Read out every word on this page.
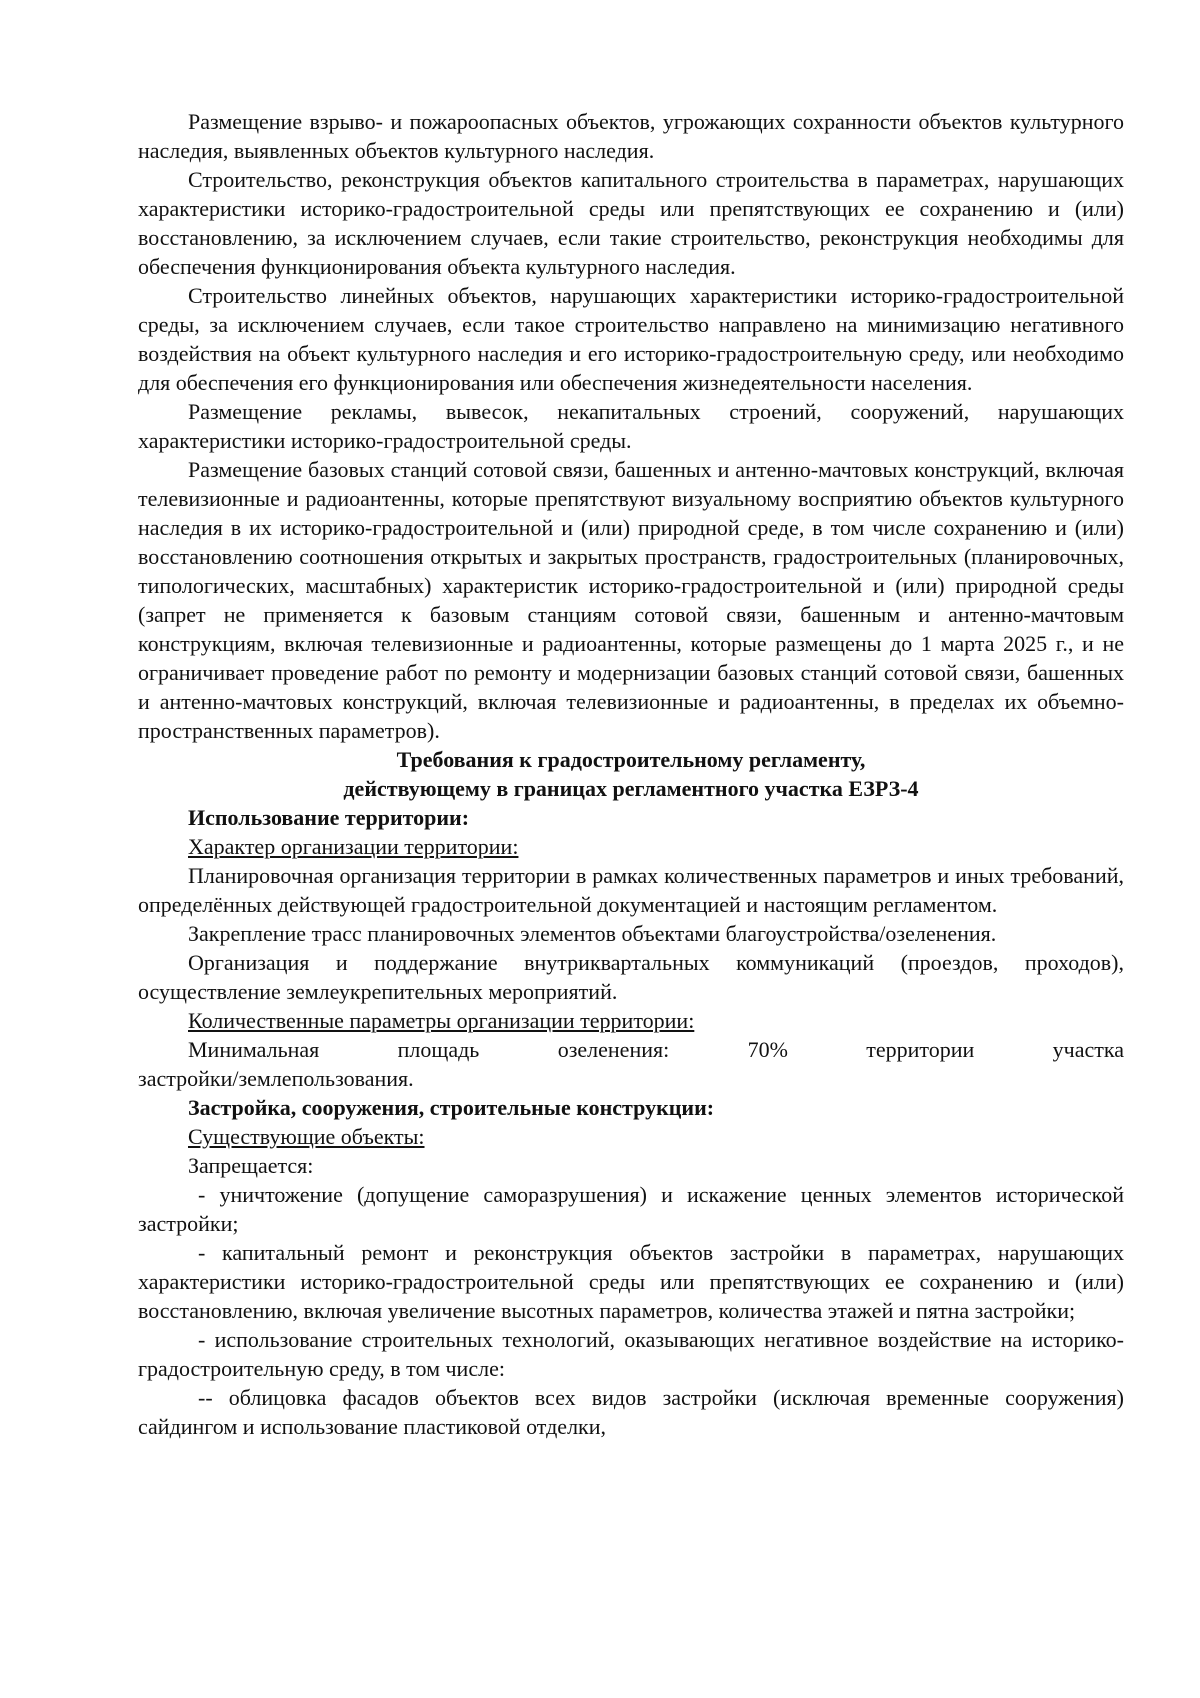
Размещение взрыво- и пожароопасных объектов, угрожающих сохранности объектов культурного наследия, выявленных объектов культурного наследия.

Строительство, реконструкция объектов капитального строительства в параметрах, нарушающих характеристики историко-градостроительной среды или препятствующих ее сохранению и (или) восстановлению, за исключением случаев, если такие строительство, реконструкция необходимы для обеспечения функционирования объекта культурного наследия.

Строительство линейных объектов, нарушающих характеристики историко-градостроительной среды, за исключением случаев, если такое строительство направлено на минимизацию негативного воздействия на объект культурного наследия и его историко-градостроительную среду, или необходимо для обеспечения его функционирования или обеспечения жизнедеятельности населения.

Размещение рекламы, вывесок, некапитальных строений, сооружений, нарушающих характеристики историко-градостроительной среды.

Размещение базовых станций сотовой связи, башенных и антенно-мачтовых конструкций, включая телевизионные и радиоантенны, которые препятствуют визуальному восприятию объектов культурного наследия в их историко-градостроительной и (или) природной среде, в том числе сохранению и (или) восстановлению соотношения открытых и закрытых пространств, градостроительных (планировочных, типологических, масштабных) характеристик историко-градостроительной и (или) природной среды (запрет не применяется к базовым станциям сотовой связи, башенным и антенно-мачтовым конструкциям, включая телевизионные и радиоантенны, которые размещены до 1 марта 2025 г., и не ограничивает проведение работ по ремонту и модернизации базовых станций сотовой связи, башенных и антенно-мачтовых конструкций, включая телевизионные и радиоантенны, в пределах их объемно-пространственных параметров).

Требования к градостроительному регламенту,

действующему в границах регламентного участка ЕЗРЗ-4

Использование территории:

Характер организации территории:

Планировочная организация территории в рамках количественных параметров и иных требований, определённых действующей градостроительной документацией и настоящим регламентом.

Закрепление трасс планировочных элементов объектами благоустройства/озеленения.

Организация и поддержание внутриквартальных коммуникаций (проездов, проходов), осуществление землеукрепительных мероприятий.

Количественные параметры организации территории:

Минимальная площадь озеленения: 70% территории участка

застройки/землепользования.

Застройка, сооружения, строительные конструкции:

Существующие объекты:

Запрещается:

- уничтожение (допущение саморазрушения) и искажение ценных элементов исторической застройки;

- капитальный ремонт и реконструкция объектов застройки в параметрах, нарушающих характеристики историко-градостроительной среды или препятствующих ее сохранению и (или) восстановлению, включая увеличение высотных параметров, количества этажей и пятна застройки;

- использование строительных технологий, оказывающих негативное воздействие на историко-градостроительную среду, в том числе:

-- облицовка фасадов объектов всех видов застройки (исключая временные сооружения) сайдингом и использование пластиковой отделки,
